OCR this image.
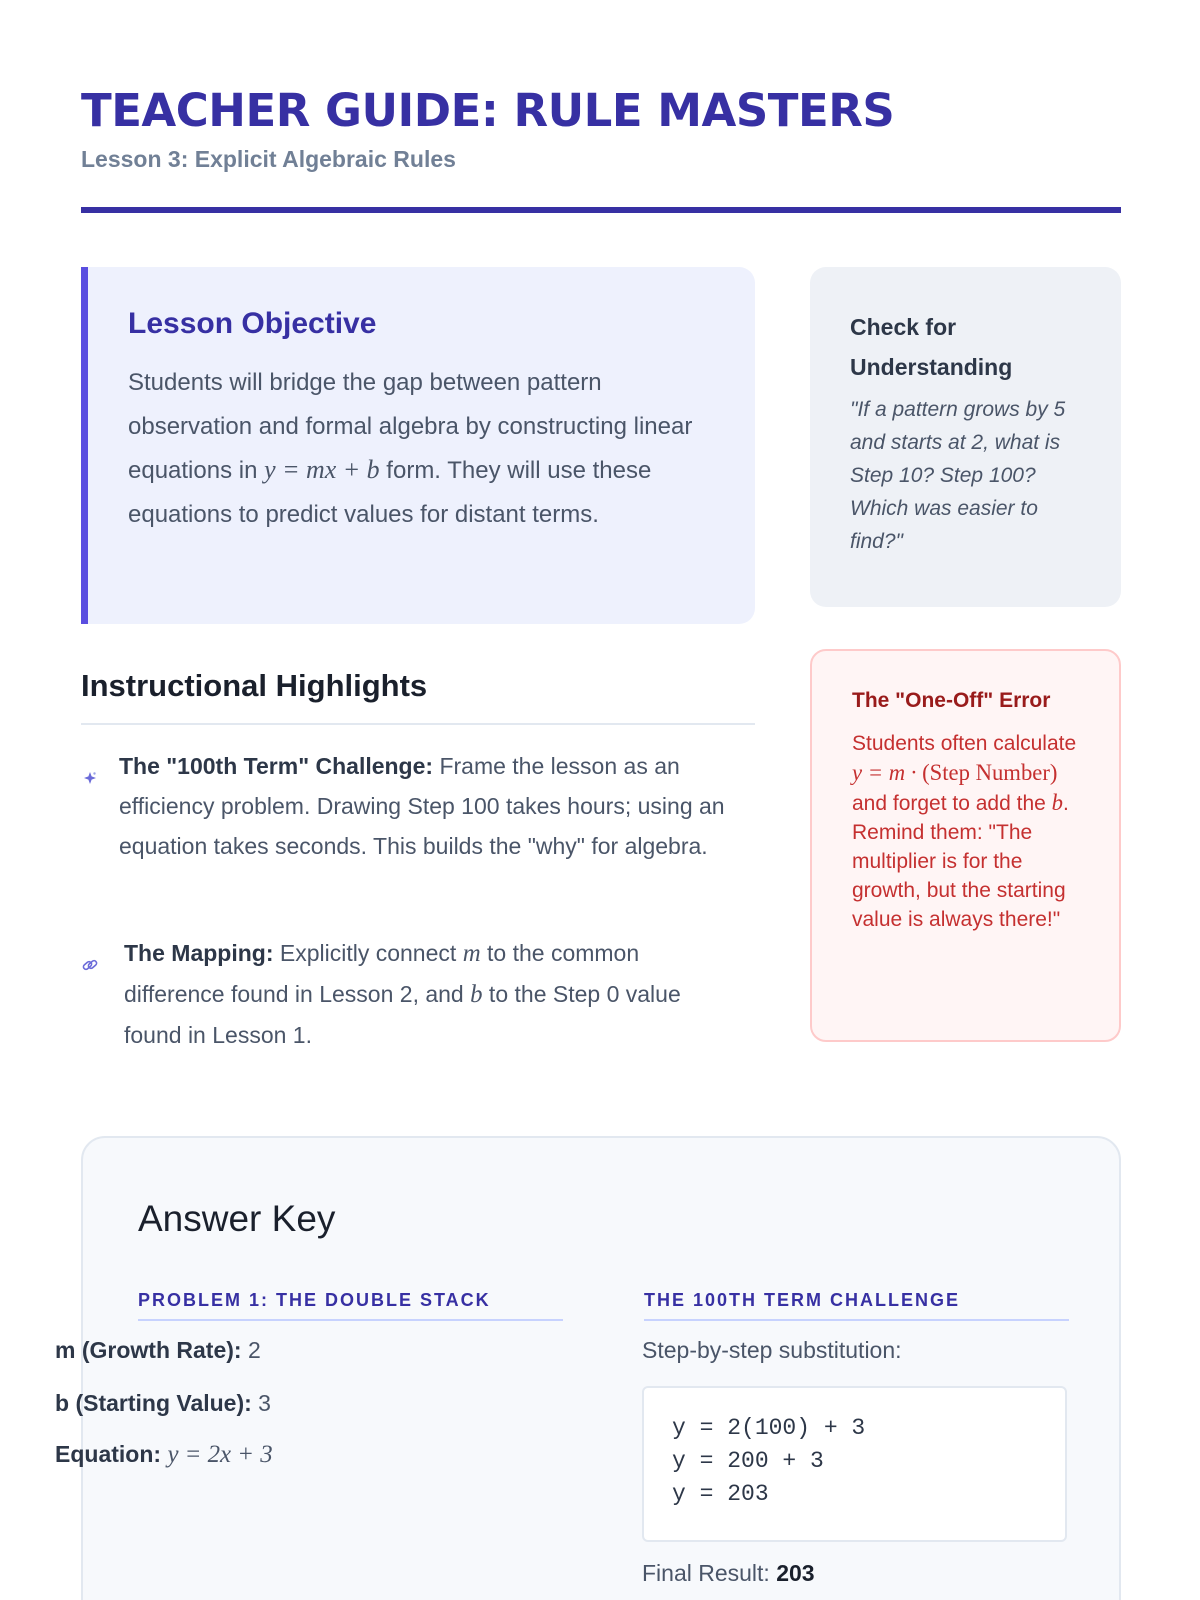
TEACHER GUIDE: RULE MASTERS
Lesson 3: Explicit Algebraic Rules
Lesson Objective

Students will bridge the gap between pattern observation and formal algebra by constructing linear equations in y = mx + b form. They will use these equations to predict values for distant terms.

Check for Understanding

"If a pattern grows by 5 and starts at 2, what is Step 10? Step 100? Which was easier to find?"

Instructional Highlights
The "100th Term" Challenge: Frame the lesson as an efficiency problem. Drawing Step 100 takes hours; using an equation takes seconds. This builds the "why" for algebra.
The Mapping: Explicitly connect m to the common difference found in Lesson 2, and b to the Step 0 value found in Lesson 1.
The "One-Off" Error

Students often calculate
y = m · (Step Number)
and forget to add the b. Remind them: "The multiplier is for the growth, but the starting value is always there!"

Answer Key
PROBLEM 1: THE DOUBLE STACK	THE 100TH TERM CHALLENGE
m (Growth Rate): 2
b (Starting Value): 3
Equation: y = 2x + 3
Step-by-step substitution:
y = 2(100) + 3
y = 200 + 3
y = 203
Final Result: 203
